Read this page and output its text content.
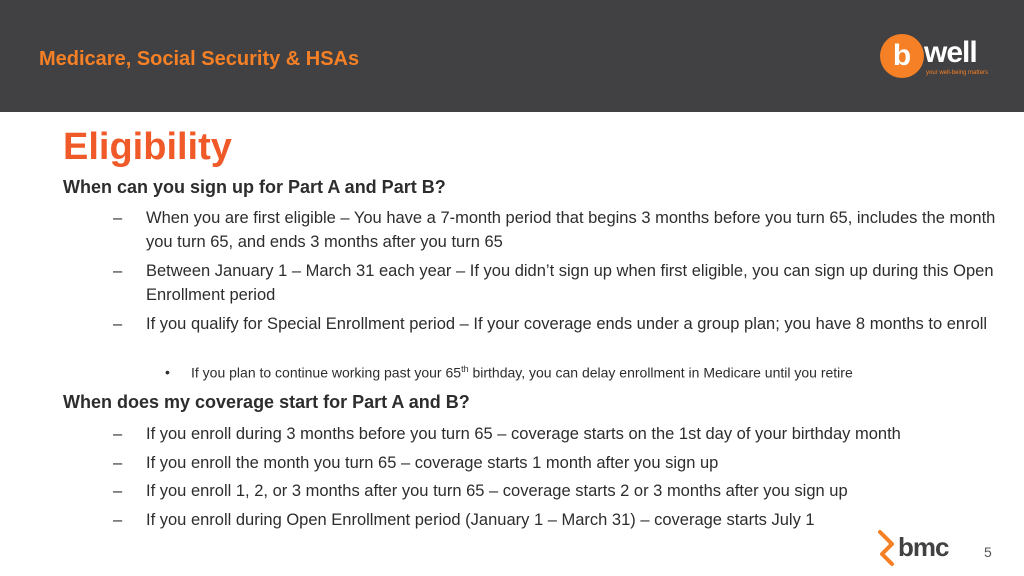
Medicare, Social Security & HSAs	b well
your well-being matters
Eligibility
When can you sign up for Part A and Part B?
– When you are first eligible – You have a 7-month period that begins 3 months before you turn 65, includes the month you turn 65, and ends 3 months after you turn 65
– Between January 1 – March 31 each year – If you didn’t sign up when first eligible, you can sign up during this Open Enrollment period
– If you qualify for Special Enrollment period – If your coverage ends under a group plan; you have 8 months to enroll
• If you plan to continue working past your 65th birthday, you can delay enrollment in Medicare until you retire
When does my coverage start for Part A and B?
– If you enroll during 3 months before you turn 65 – coverage starts on the 1st day of your birthday month
– If you enroll the month you turn 65 – coverage starts 1 month after you sign up
– If you enroll 1, 2, or 3 months after you turn 65 – coverage starts 2 or 3 months after you sign up
– If you enroll during Open Enrollment period (January 1 – March 31) – coverage starts July 1
bmc	5
